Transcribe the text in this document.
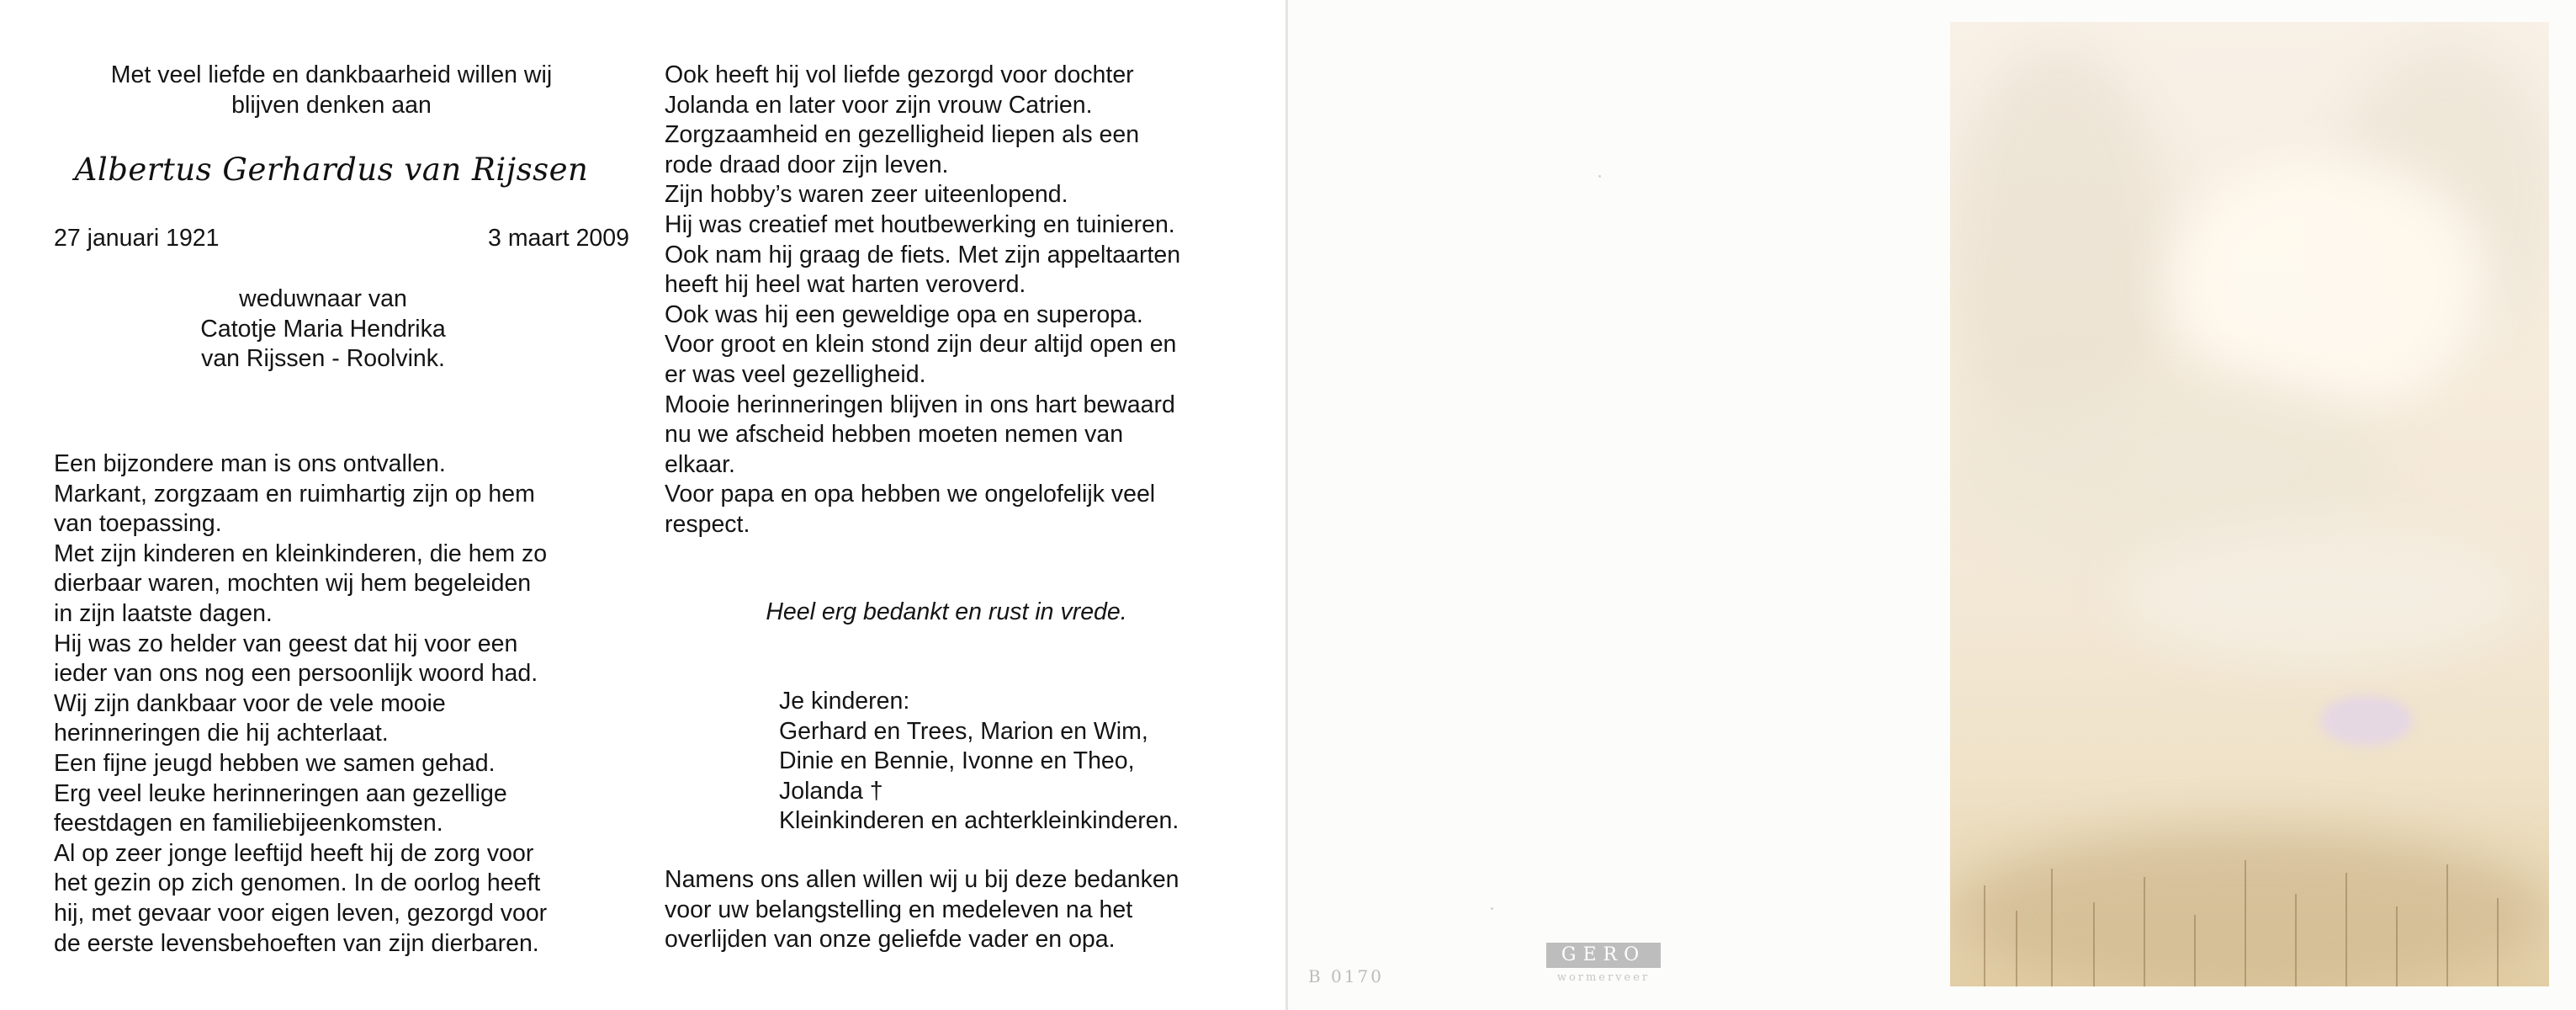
Met veel liefde en dankbaarheid willen wij
blijven denken aan
Albertus Gerhardus van Rijssen
27 januari 1921	3 maart 2009
weduwnaar van
Catotje Maria Hendrika
van Rijssen - Roolvink.
Een bijzondere man is ons ontvallen.
Markant, zorgzaam en ruimhartig zijn op hem
van toepassing.
Met zijn kinderen en kleinkinderen, die hem zo
dierbaar waren, mochten wij hem begeleiden
in zijn laatste dagen.
Hij was zo helder van geest dat hij voor een
ieder van ons nog een persoonlijk woord had.
Wij zijn dankbaar voor de vele mooie
herinneringen die hij achterlaat.
Een fijne jeugd hebben we samen gehad.
Erg veel leuke herinneringen aan gezellige
feestdagen en familiebijeenkomsten.
Al op zeer jonge leeftijd heeft hij de zorg voor
het gezin op zich genomen. In de oorlog heeft
hij, met gevaar voor eigen leven, gezorgd voor
de eerste levensbehoeften van zijn dierbaren.
Ook heeft hij vol liefde gezorgd voor dochter
Jolanda en later voor zijn vrouw Catrien.
Zorgzaamheid en gezelligheid liepen als een
rode draad door zijn leven.
Zijn hobby’s waren zeer uiteenlopend.
Hij was creatief met houtbewerking en tuinieren.
Ook nam hij graag de fiets. Met zijn appeltaarten
heeft hij heel wat harten veroverd.
Ook was hij een geweldige opa en superopa.
Voor groot en klein stond zijn deur altijd open en
er was veel gezelligheid.
Mooie herinneringen blijven in ons hart bewaard
nu we afscheid hebben moeten nemen van
elkaar.
Voor papa en opa hebben we ongelofelijk veel
respect.
Heel erg bedankt en rust in vrede.
Je kinderen:
Gerhard en Trees, Marion en Wim,
Dinie en Bennie, Ivonne en Theo,
Jolanda †
Kleinkinderen en achterkleinkinderen.
Namens ons allen willen wij u bij deze bedanken
voor uw belangstelling en medeleven na het
overlijden van onze geliefde vader en opa.
B 0170
GERO
wormerveer
